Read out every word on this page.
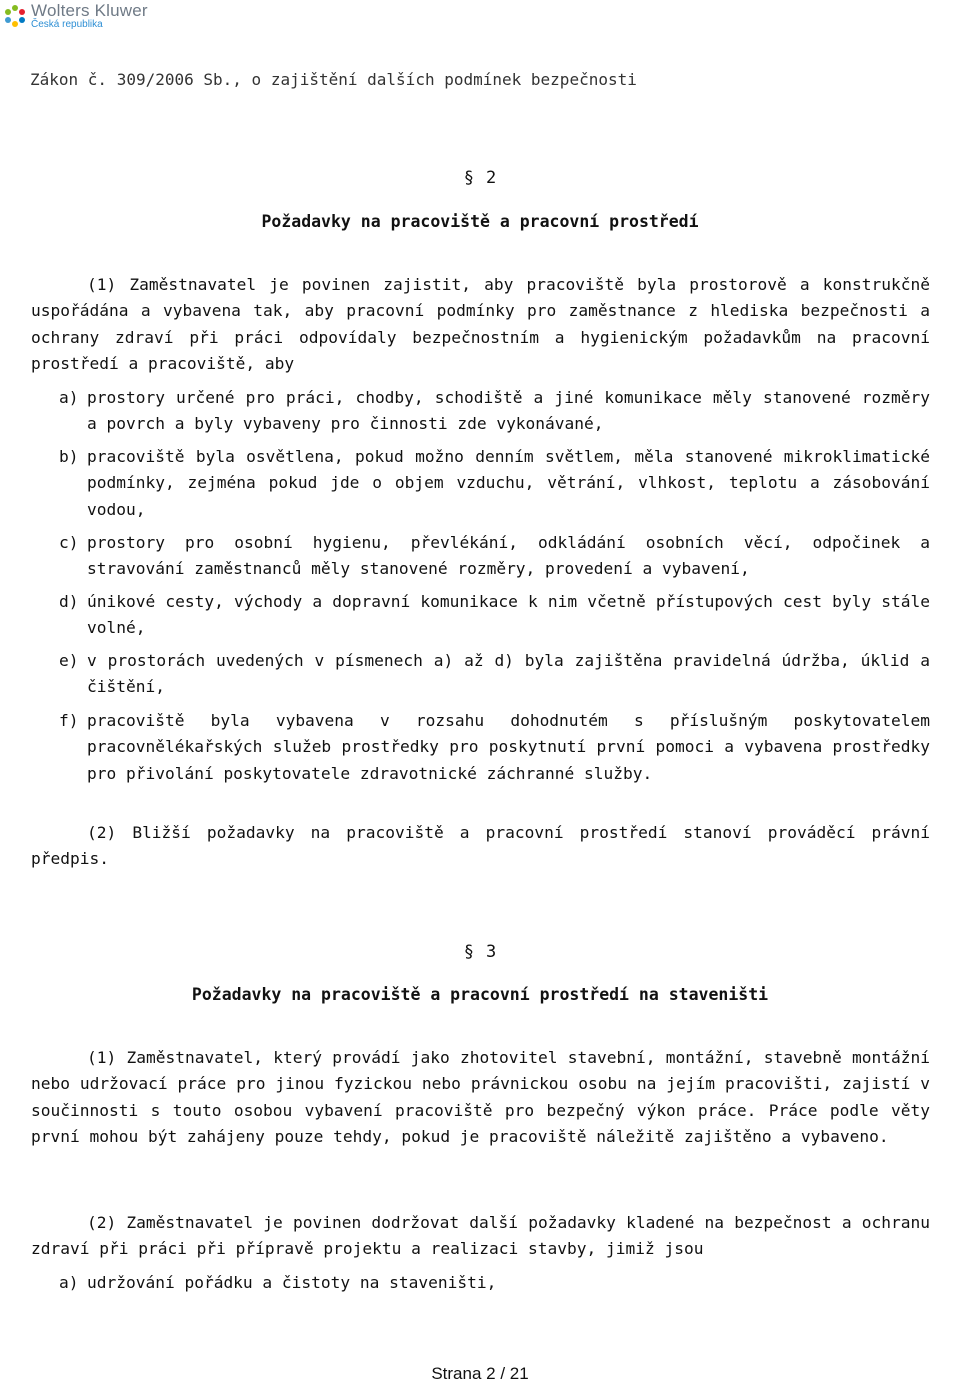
Wolters Kluwer
Česká republika
Zákon č. 309/2006 Sb., o zajištění dalších podmínek bezpečnosti
§ 2
Požadavky na pracoviště a pracovní prostředí
(1) Zaměstnavatel je povinen zajistit, aby pracoviště byla prostorově a konstrukčně uspořádána a vybavena tak, aby pracovní podmínky pro zaměstnance z hlediska bezpečnosti a ochrany zdraví při práci odpovídaly bezpečnostním a hygienickým požadavkům na pracovní prostředí a pracoviště, aby
a) prostory určené pro práci, chodby, schodiště a jiné komunikace měly stanovené rozměry a povrch a byly vybaveny pro činnosti zde vykonávané,
b) pracoviště byla osvětlena, pokud možno denním světlem, měla stanovené mikroklimatické podmínky, zejména pokud jde o objem vzduchu, větrání, vlhkost, teplotu a zásobování vodou,
c) prostory pro osobní hygienu, převlékání, odkládání osobních věcí, odpočinek a stravování zaměstnanců měly stanovené rozměry, provedení a vybavení,
d) únikové cesty, východy a dopravní komunikace k nim včetně přístupových cest byly stále volné,
e) v prostorách uvedených v písmenech a) až d) byla zajištěna pravidelná údržba, úklid a čištění,
f) pracoviště byla vybavena v rozsahu dohodnutém s příslušným poskytovatelem pracovnělékařských služeb prostředky pro poskytnutí první pomoci a vybavena prostředky pro přivolání poskytovatele zdravotnické záchranné služby.
(2) Bližší požadavky na pracoviště a pracovní prostředí stanoví prováděcí právní předpis.
§ 3
Požadavky na pracoviště a pracovní prostředí na staveništi
(1) Zaměstnavatel, který provádí jako zhotovitel stavební, montážní, stavebně montážní nebo udržovací práce pro jinou fyzickou nebo právnickou osobu na jejím pracovišti, zajistí v součinnosti s touto osobou vybavení pracoviště pro bezpečný výkon práce. Práce podle věty první mohou být zahájeny pouze tehdy, pokud je pracoviště náležitě zajištěno a vybaveno.
(2) Zaměstnavatel je povinen dodržovat další požadavky kladené na bezpečnost a ochranu zdraví při práci při přípravě projektu a realizaci stavby, jimiž jsou
a) udržování pořádku a čistoty na staveništi,
Strana 2 / 21
